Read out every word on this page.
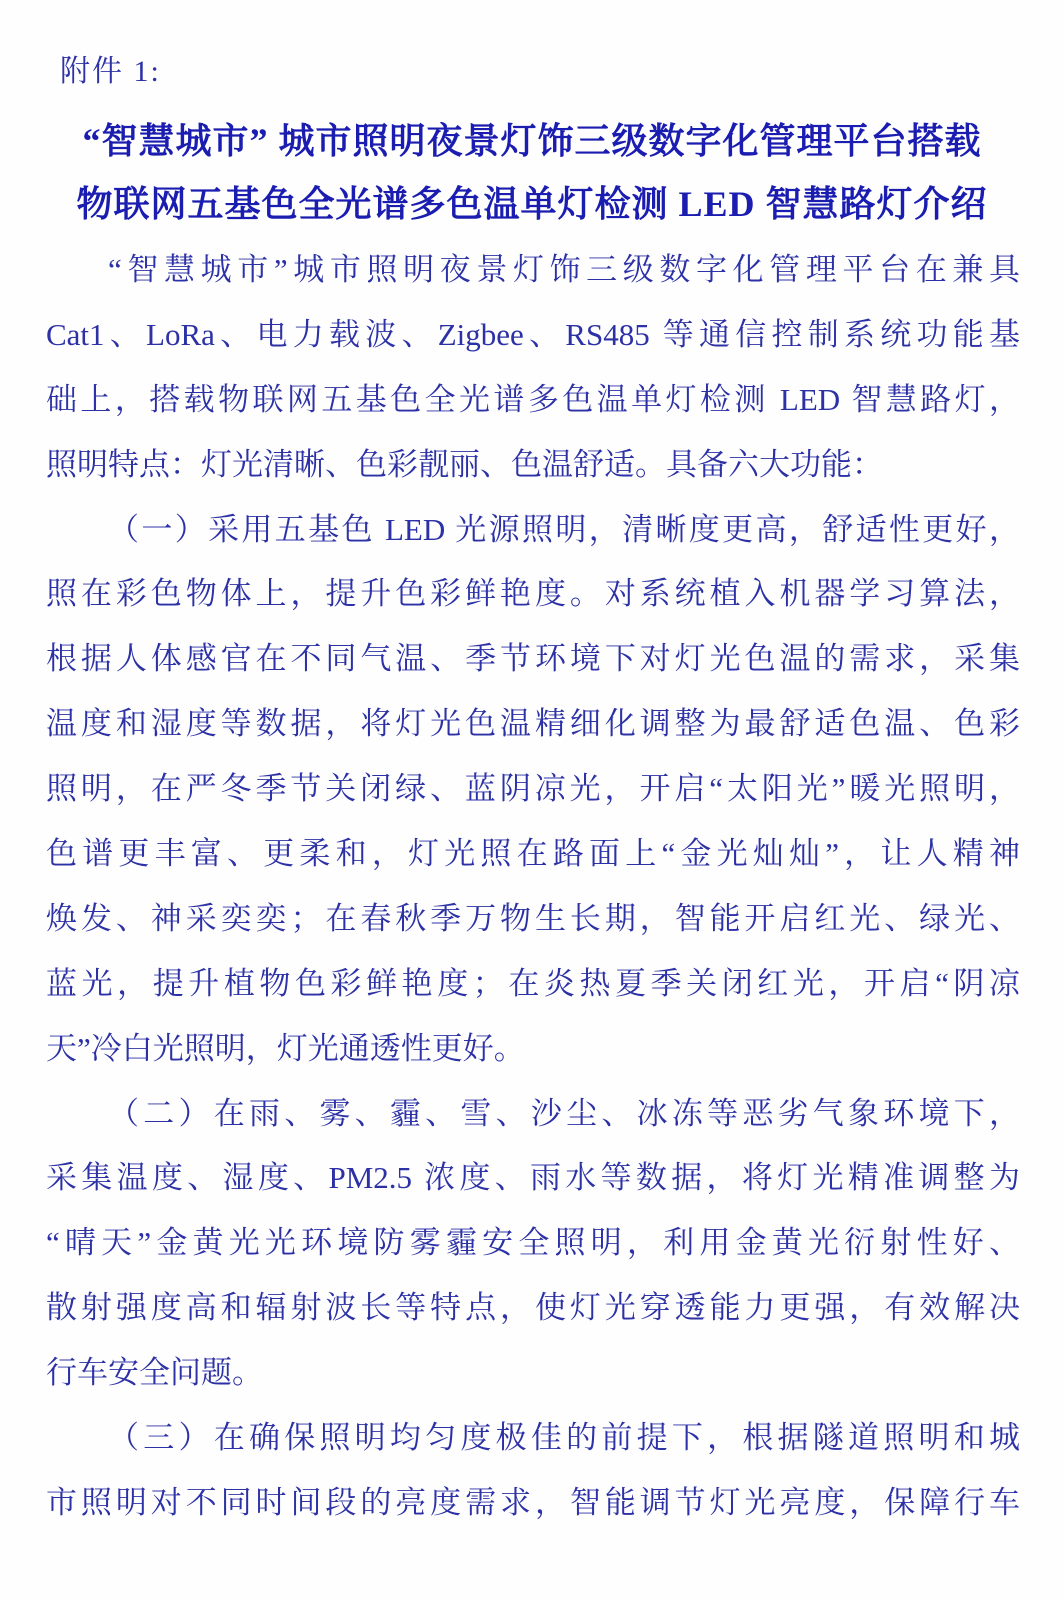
附件 1:
“智慧城市” 城市照明夜景灯饰三级数字化管理平台搭载
物联网五基色全光谱多色温单灯检测 LED 智慧路灯介绍
“智慧城市”城市照明夜景灯饰三级数字化管理平台在兼具
Cat1、LoRa、电力载波、Zigbee、RS485 等通信控制系统功能基
础上，搭载物联网五基色全光谱多色温单灯检测 LED 智慧路灯，
照明特点：灯光清晰、色彩靓丽、色温舒适。具备六大功能：
（一）采用五基色 LED 光源照明，清晰度更高，舒适性更好，
照在彩色物体上，提升色彩鲜艳度。对系统植入机器学习算法，
根据人体感官在不同气温、季节环境下对灯光色温的需求，采集
温度和湿度等数据，将灯光色温精细化调整为最舒适色温、色彩
照明，在严冬季节关闭绿、蓝阴凉光，开启“太阳光”暖光照明，
色谱更丰富、更柔和，灯光照在路面上“金光灿灿”，让人精神
焕发、神采奕奕；在春秋季万物生长期，智能开启红光、绿光、
蓝光，提升植物色彩鲜艳度；在炎热夏季关闭红光，开启“阴凉
天”冷白光照明，灯光通透性更好。
（二）在雨、雾、霾、雪、沙尘、冰冻等恶劣气象环境下，
采集温度、湿度、PM2.5 浓度、雨水等数据，将灯光精准调整为
“晴天”金黄光光环境防雾霾安全照明，利用金黄光衍射性好、
散射强度高和辐射波长等特点，使灯光穿透能力更强，有效解决
行车安全问题。
（三）在确保照明均匀度极佳的前提下，根据隧道照明和城
市照明对不同时间段的亮度需求，智能调节灯光亮度，保障行车
